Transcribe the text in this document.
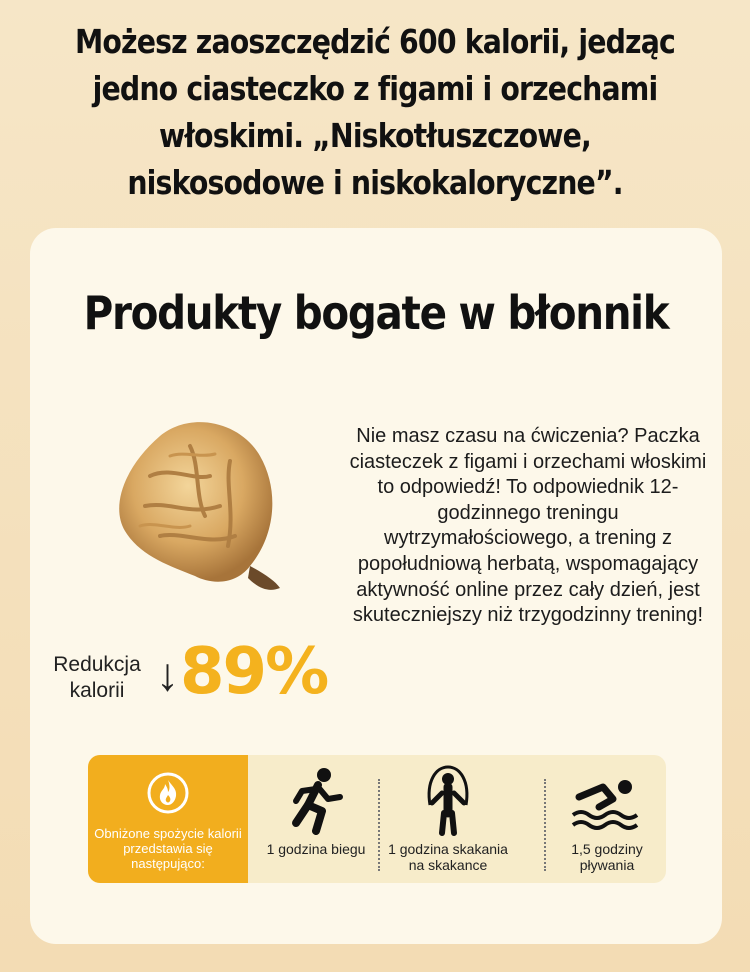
Możesz zaoszczędzić 600 kalorii, jedząc jedno ciasteczko z figami i orzechami włoskimi. „Niskotłuszczowe, niskosodowe i niskokaloryczne”.
Produkty bogate w błonnik
Redukcja
kalorii ↓ 89%
Nie masz czasu na ćwiczenia? Paczka ciasteczek z figami i orzechami włoskimi to odpowiedź! To odpowiednik 12-godzinnego treningu wytrzymałościowego, a trening z popołudniową herbatą, wspomagający aktywność online przez cały dzień, jest skuteczniejszy niż trzygodzinny trening!
Obniżone spożycie kalorii przedstawia się następująco:
1 godzina biegu	1 godzina skakania na skakance
1,5 godziny pływania
